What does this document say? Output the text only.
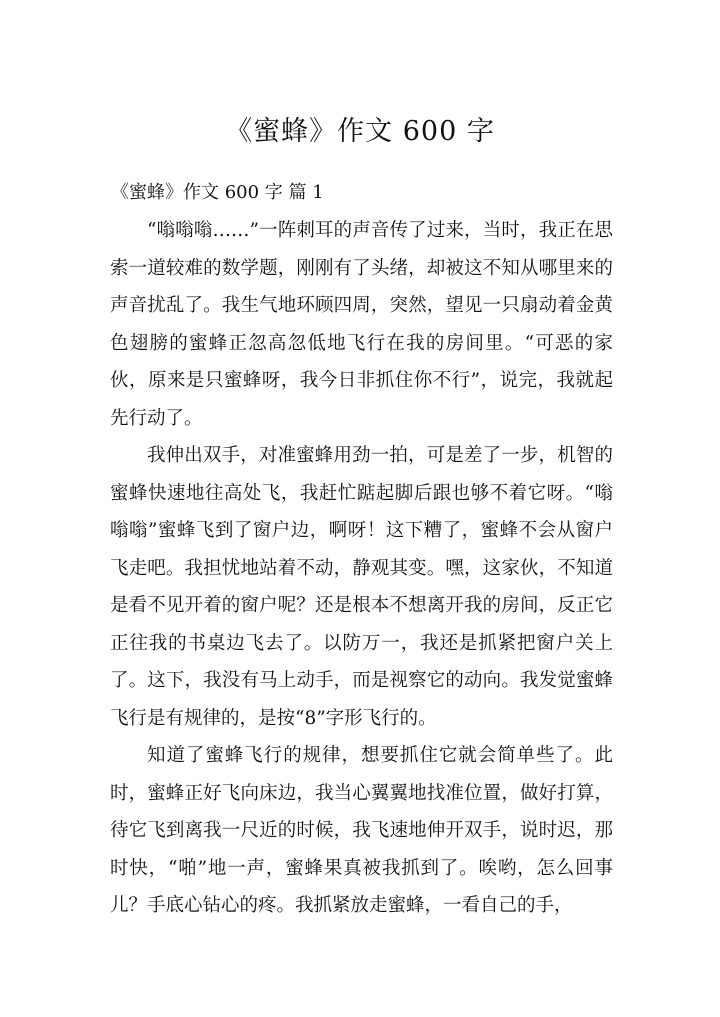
《蜜蜂》作文 600 字
《蜜蜂》作文 600 字 篇 1

“嗡嗡嗡……”一阵刺耳的声音传了过来，当时，我正在思索一道较难的数学题，刚刚有了头绪，却被这不知从哪里来的声音扰乱了。我生气地环顾四周，突然，望见一只扇动着金黄色翅膀的蜜蜂正忽高忽低地飞行在我的房间里。“可恶的家伙，原来是只蜜蜂呀，我今日非抓住你不行”，说完，我就起先行动了。

我伸出双手，对准蜜蜂用劲一拍，可是差了一步，机智的蜜蜂快速地往高处飞，我赶忙踮起脚后跟也够不着它呀。“嗡嗡嗡”蜜蜂飞到了窗户边，啊呀！这下糟了，蜜蜂不会从窗户飞走吧。我担忧地站着不动，静观其变。嘿，这家伙，不知道是看不见开着的窗户呢？还是根本不想离开我的房间，反正它正往我的书桌边飞去了。以防万一，我还是抓紧把窗户关上了。这下，我没有马上动手，而是视察它的动向。我发觉蜜蜂飞行是有规律的，是按“8”字形飞行的。

知道了蜜蜂飞行的规律，想要抓住它就会简单些了。此时，蜜蜂正好飞向床边，我当心翼翼地找准位置，做好打算，待它飞到离我一尺近的时候，我飞速地伸开双手，说时迟，那时快，“啪”地一声，蜜蜂果真被我抓到了。唉哟，怎么回事儿？手底心钻心的疼。我抓紧放走蜜蜂，一看自己的手，
